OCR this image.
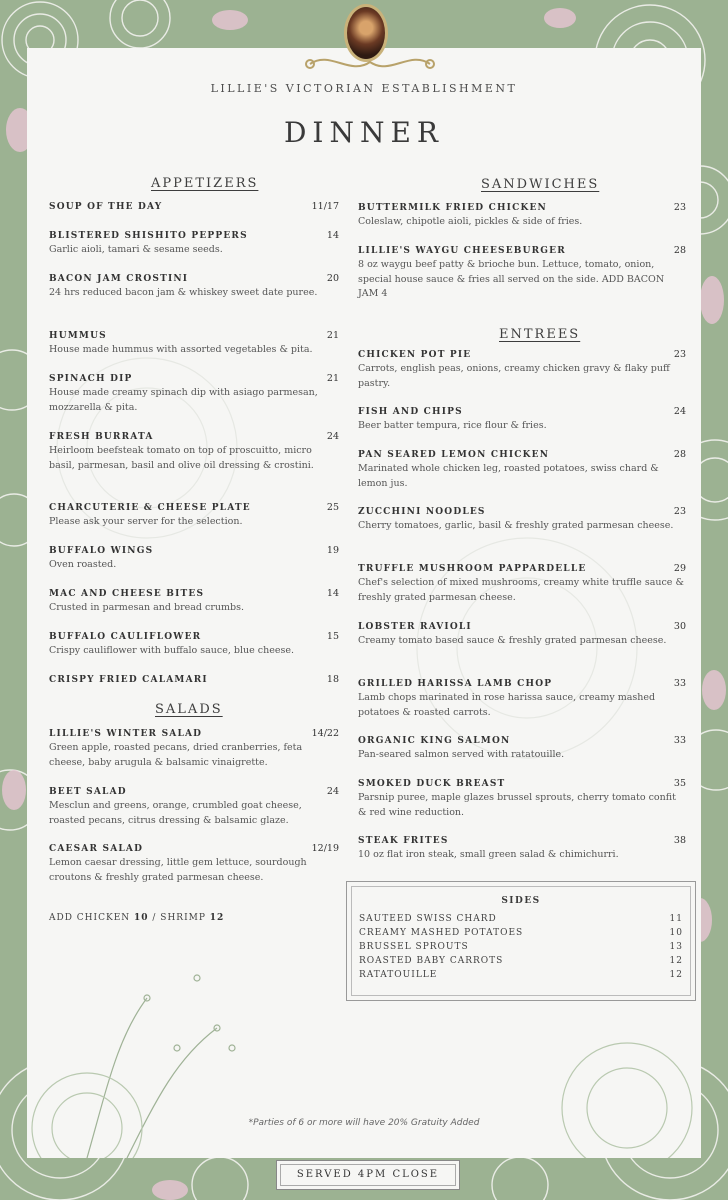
LILLIE'S VICTORIAN ESTABLISHMENT
DINNER
APPETIZERS
SALADS
SANDWICHES
ENTREES
SOUP OF THE DAY	11/17
BLISTERED SHISHITO PEPPERS	14
Garlic aioli, tamari & sesame seeds.
BACON JAM CROSTINI	20
24 hrs reduced bacon jam & whiskey sweet date puree.
HUMMUS	21
House made hummus with assorted vegetables & pita.
SPINACH DIP	21
House made creamy spinach dip with asiago parmesan, mozzarella & pita.
FRESH BURRATA	24
Heirloom beefsteak tomato on top of proscuitto, micro basil, parmesan, basil and olive oil dressing & crostini.
CHARCUTERIE & CHEESE PLATE	25
Please ask your server for the selection.
BUFFALO WINGS	19
Oven roasted.
MAC AND CHEESE BITES	14
Crusted in parmesan and bread crumbs.
BUFFALO CAULIFLOWER	15
Crispy cauliflower with buffalo sauce, blue cheese.
CRISPY FRIED CALAMARI	18
LILLIE'S WINTER SALAD	14/22
Green apple, roasted pecans, dried cranberries, feta cheese, baby arugula & balsamic vinaigrette.
BEET SALAD	24
Mesclun and greens, orange, crumbled goat cheese, roasted pecans, citrus dressing & balsamic glaze.
CAESAR SALAD	12/19
Lemon caesar dressing, little gem lettuce, sourdough croutons & freshly grated parmesan cheese.
BUTTERMILK FRIED CHICKEN	23
Coleslaw, chipotle aioli, pickles & side of fries.
LILLIE'S WAYGU CHEESEBURGER	28
8 oz waygu beef patty & brioche bun. Lettuce, tomato, onion, special house sauce & fries all served on the side. ADD BACON JAM 4
CHICKEN POT PIE	23
Carrots, english peas, onions, creamy chicken gravy & flaky puff pastry.
FISH AND CHIPS	24
Beer batter tempura, rice flour & fries.
PAN SEARED LEMON CHICKEN	28
Marinated whole chicken leg, roasted potatoes, swiss chard & lemon jus.
ZUCCHINI NOODLES	23
Cherry tomatoes, garlic, basil & freshly grated parmesan cheese.
TRUFFLE MUSHROOM PAPPARDELLE	29
Chef's selection of mixed mushrooms, creamy white truffle sauce & freshly grated parmesan cheese.
LOBSTER RAVIOLI	30
Creamy tomato based sauce & freshly grated parmesan cheese.
GRILLED HARISSA LAMB CHOP	33
Lamb chops marinated in rose harissa sauce, creamy mashed potatoes & roasted carrots.
ORGANIC KING SALMON	33
Pan-seared salmon served with ratatouille.
SMOKED DUCK BREAST	35
Parsnip puree, maple glazes brussel sprouts, cherry tomato confit & red wine reduction.
STEAK FRITES	38
10 oz flat iron steak, small green salad & chimichurri.
ADD CHICKEN 10 / SHRIMP 12
SIDES
SAUTEED SWISS CHARD	11
CREAMY MASHED POTATOES	10
BRUSSEL SPROUTS	13
ROASTED BABY CARROTS	12
RATATOUILLE	12
*Parties of 6 or more will have 20% Gratuity Added
SERVED 4PM CLOSE
